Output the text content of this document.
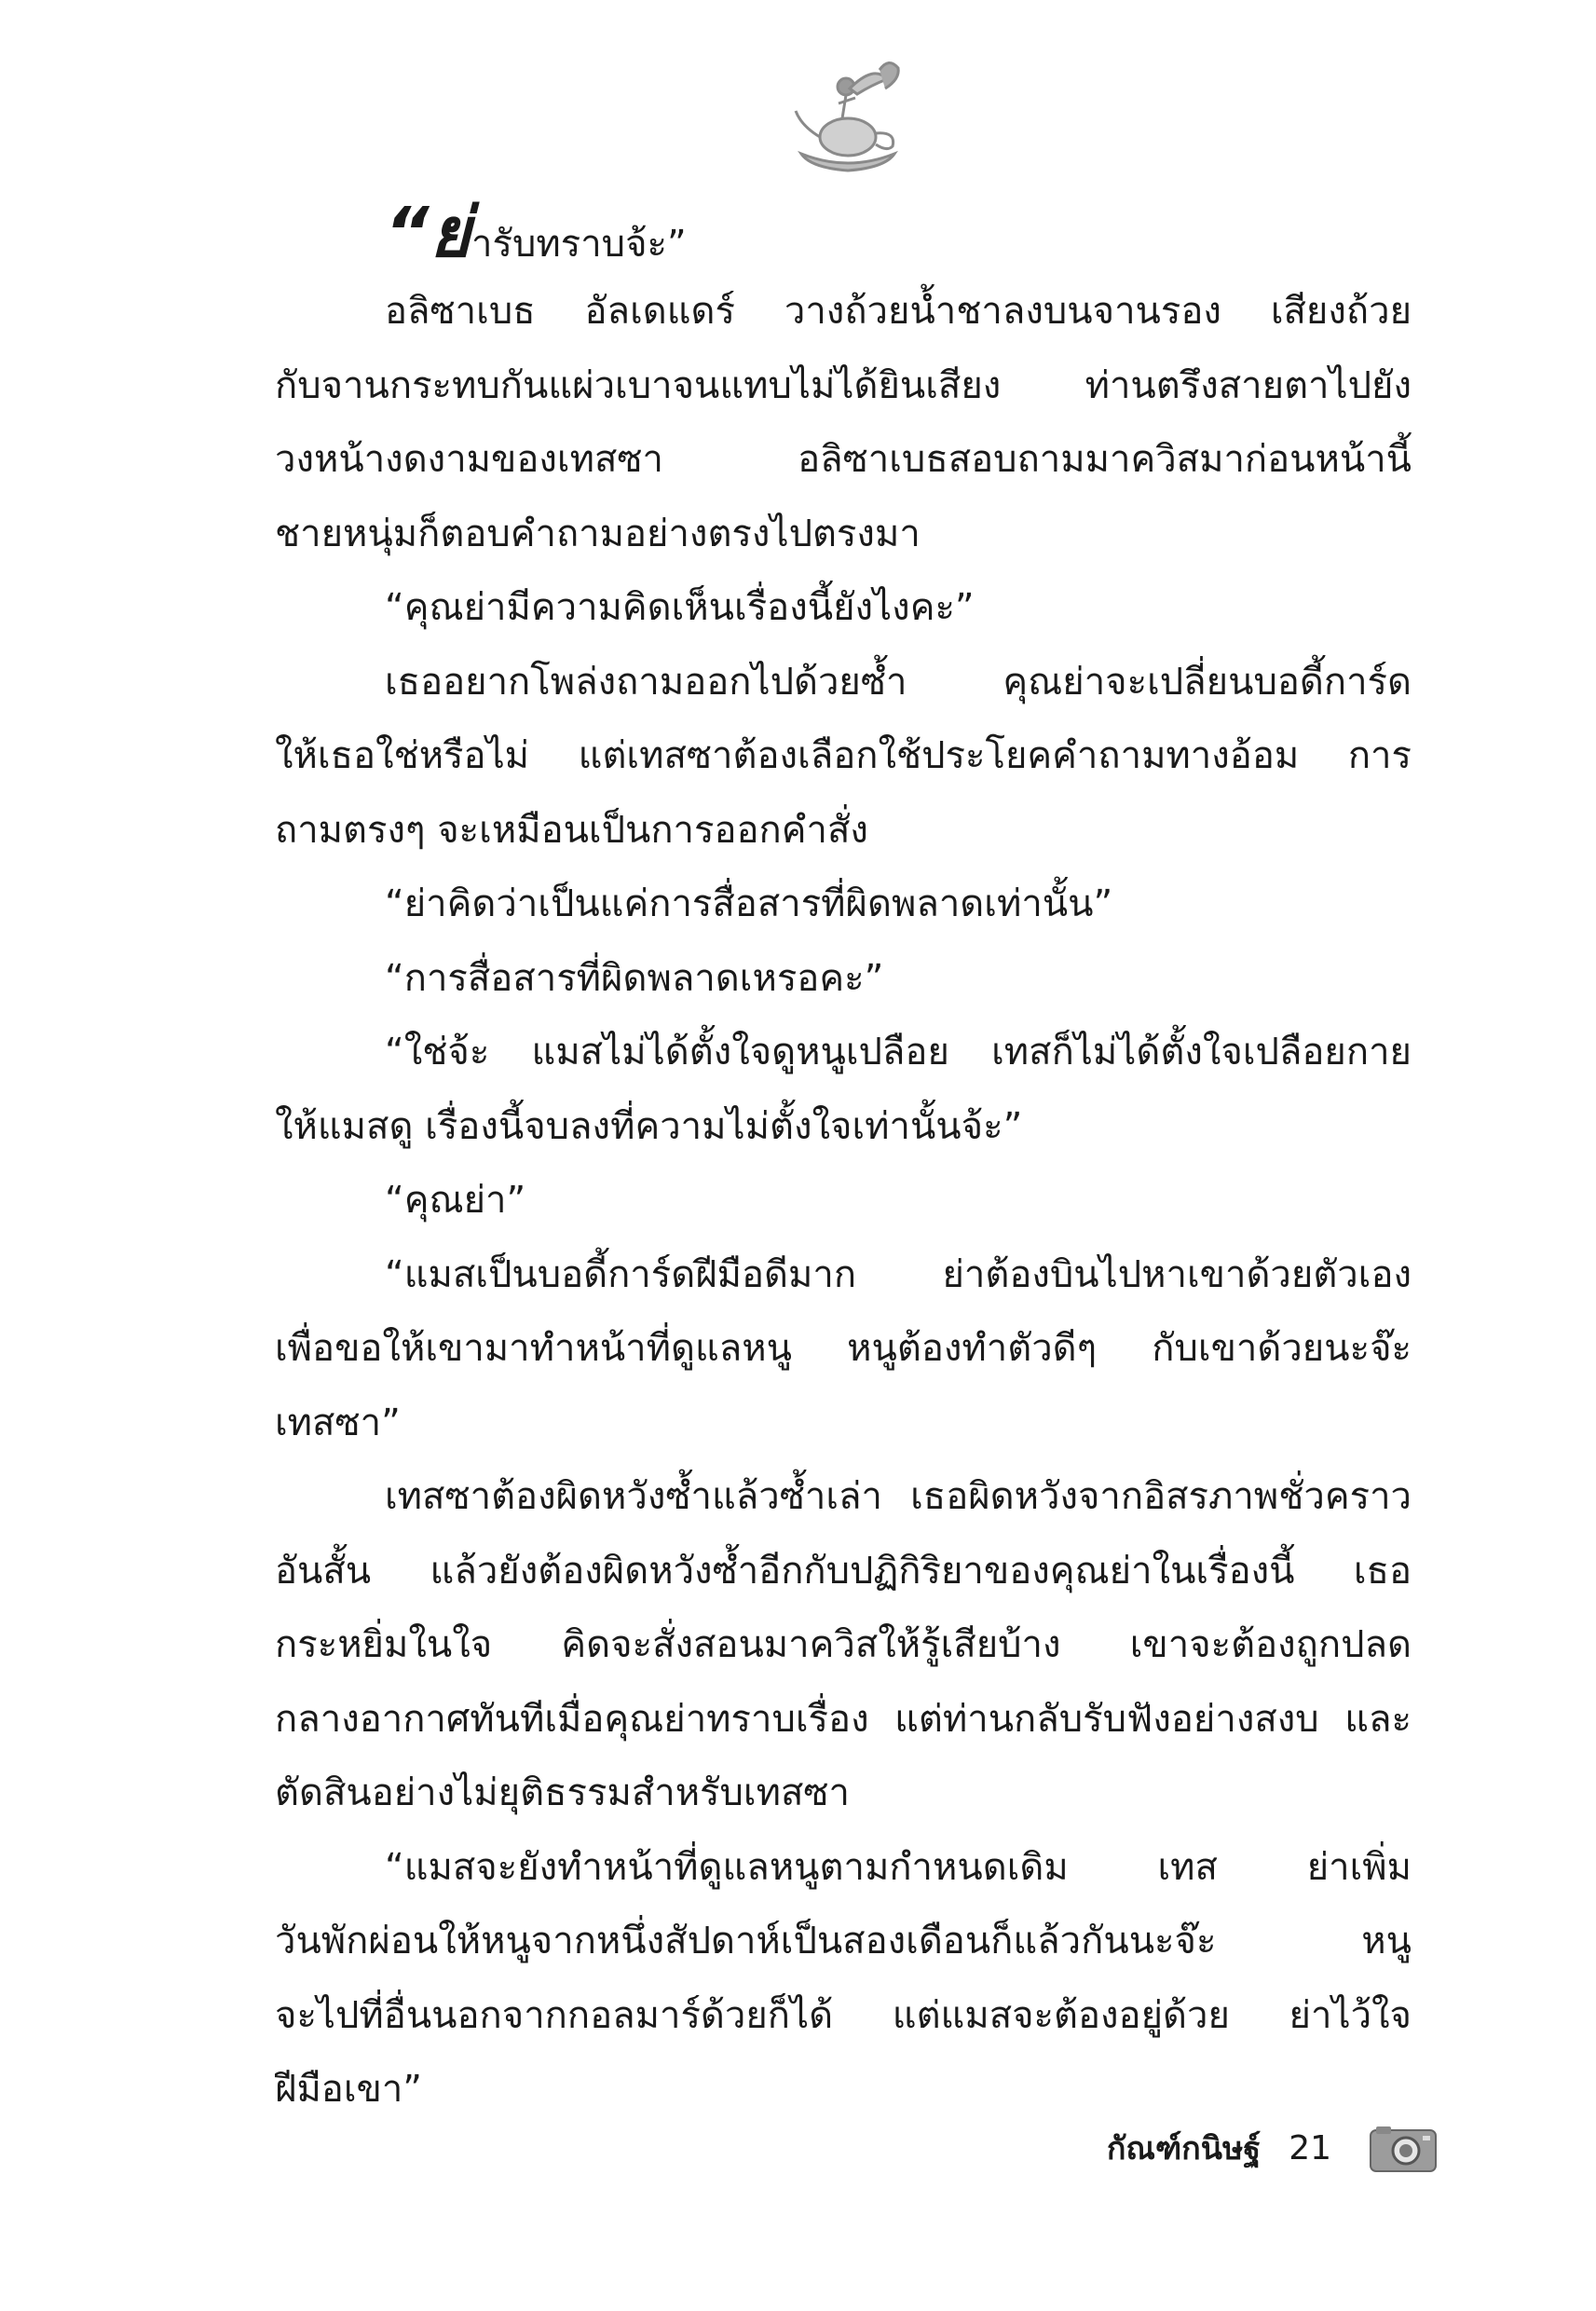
“ย่ารับทราบจ้ะ”
อลิซาเบธ อัลเดแดร์ วางถ้วยน้ำชาลงบนจานรอง เสียงถ้วย
กับจานกระทบกันแผ่วเบาจนแทบไม่ได้ยินเสียง ท่านตรึงสายตาไปยัง
วงหน้างดงามของเทสซา อลิซาเบธสอบถามมาควิสมาก่อนหน้านี้
ชายหนุ่มก็ตอบคำถามอย่างตรงไปตรงมา
“คุณย่ามีความคิดเห็นเรื่องนี้ยังไงคะ”
เธออยากโพล่งถามออกไปด้วยซ้ำ คุณย่าจะเปลี่ยนบอดี้การ์ด
ให้เธอใช่หรือไม่ แต่เทสซาต้องเลือกใช้ประโยคคำถามทางอ้อม การ
ถามตรงๆ จะเหมือนเป็นการออกคำสั่ง
“ย่าคิดว่าเป็นแค่การสื่อสารที่ผิดพลาดเท่านั้น”
“การสื่อสารที่ผิดพลาดเหรอคะ”
“ใช่จ้ะ แมสไม่ได้ตั้งใจดูหนูเปลือย เทสก็ไม่ได้ตั้งใจเปลือยกาย
ให้แมสดู เรื่องนี้จบลงที่ความไม่ตั้งใจเท่านั้นจ้ะ”
“คุณย่า”
“แมสเป็นบอดี้การ์ดฝีมือดีมาก ย่าต้องบินไปหาเขาด้วยตัวเอง
เพื่อขอให้เขามาทำหน้าที่ดูแลหนู หนูต้องทำตัวดีๆ กับเขาด้วยนะจ๊ะ
เทสซา”
เทสซาต้องผิดหวังซ้ำแล้วซ้ำเล่า เธอผิดหวังจากอิสรภาพชั่วคราว
อันสั้น แล้วยังต้องผิดหวังซ้ำอีกกับปฏิกิริยาของคุณย่าในเรื่องนี้ เธอ
กระหยิ่มในใจ คิดจะสั่งสอนมาควิสให้รู้เสียบ้าง เขาจะต้องถูกปลด
กลางอากาศทันทีเมื่อคุณย่าทราบเรื่อง แต่ท่านกลับรับฟังอย่างสงบ และ
ตัดสินอย่างไม่ยุติธรรมสำหรับเทสซา
“แมสจะยังทำหน้าที่ดูแลหนูตามกำหนดเดิม เทส ย่าเพิ่ม
วันพักผ่อนให้หนูจากหนึ่งสัปดาห์เป็นสองเดือนก็แล้วกันนะจ๊ะ หนู
จะไปที่อื่นนอกจากกอลมาร์ด้วยก็ได้ แต่แมสจะต้องอยู่ด้วย ย่าไว้ใจ
ฝีมือเขา”
กัณฑ์กนิษฐ์ 21
